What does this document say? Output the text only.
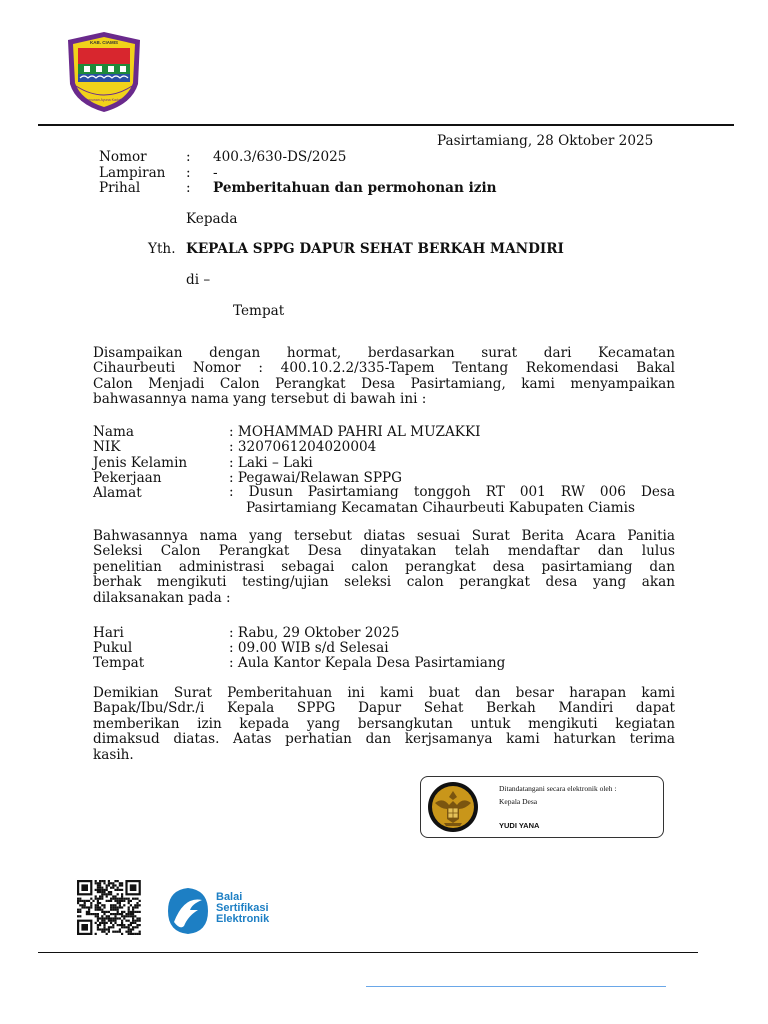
KAB. CIAMIS
Mahayunan Ayuna Kadatuan
Pasirtamiang, 28 Oktober 2025
Nomor	: 400.3/630-DS/2025
Lampiran : -
Prihal	: Pemberitahuan dan permohonan izin
Kepada
Yth. KEPALA SPPG DAPUR SEHAT BERKAH MANDIRI
di –
Tempat
Disampaikan dengan hormat, berdasarkan surat dari Kecamatan
Cihaurbeuti Nomor : 400.10.2.2/335-Tapem Tentang Rekomendasi Bakal
Calon Menjadi Calon Perangkat Desa Pasirtamiang, kami menyampaikan
bahwasannya nama yang tersebut di bawah ini :
Nama	: MOHAMMAD PAHRI AL MUZAKKI
NIK	: 3207061204020004
Jenis Kelamin	: Laki – Laki
Pekerjaan	: Pegawai/Relawan SPPG
Alamat	: Dusun Pasirtamiang tonggoh RT 001 RW 006 Desa
Pasirtamiang Kecamatan Cihaurbeuti Kabupaten Ciamis
Bahwasannya nama yang tersebut diatas sesuai Surat Berita Acara Panitia
Seleksi Calon Perangkat Desa dinyatakan telah mendaftar dan lulus
penelitian administrasi sebagai calon perangkat desa pasirtamiang dan
berhak mengikuti testing/ujian seleksi calon perangkat desa yang akan
dilaksanakan pada :
Hari	: Rabu, 29 Oktober 2025
Pukul	: 09.00 WIB s/d Selesai
Tempat	: Aula Kantor Kepala Desa Pasirtamiang
Demikian Surat Pemberitahuan ini kami buat dan besar harapan kami
Bapak/Ibu/Sdr./i Kepala SPPG Dapur Sehat Berkah Mandiri dapat
memberikan izin kepada yang bersangkutan untuk mengikuti kegiatan
dimaksud diatas. Aatas perhatian dan kerjsamanya kami haturkan terima
kasih.
Ditandatangani secara elektronik oleh :
Kepala Desa
YUDI YANA
Balai
Sertifikasi
Elektronik
